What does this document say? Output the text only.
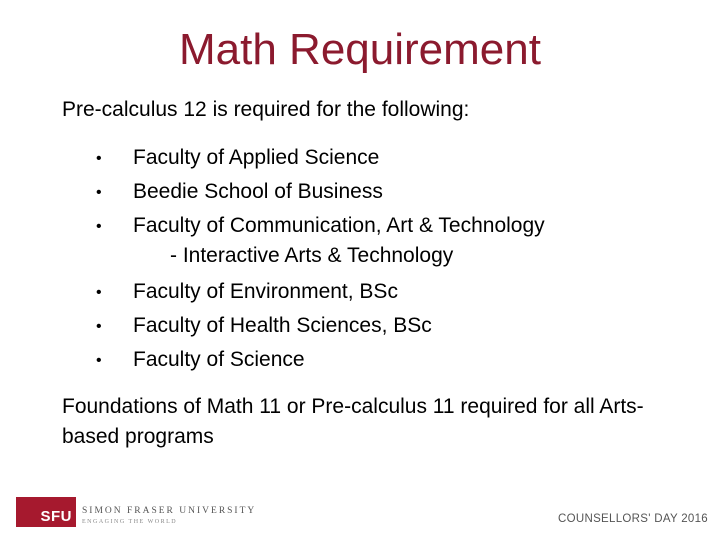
Math Requirement
Pre-calculus 12 is required for the following:
• Faculty of Applied Science
• Beedie School of Business
• Faculty of Communication, Art & Technology
- Interactive Arts & Technology
• Faculty of Environment, BSc
• Faculty of Health Sciences, BSc
• Faculty of Science
Foundations of Math 11 or Pre-calculus 11 required for all Arts-based programs
SFU SIMON FRASER UNIVERSITY
ENGAGING THE WORLD	COUNSELLORS' DAY 2016
